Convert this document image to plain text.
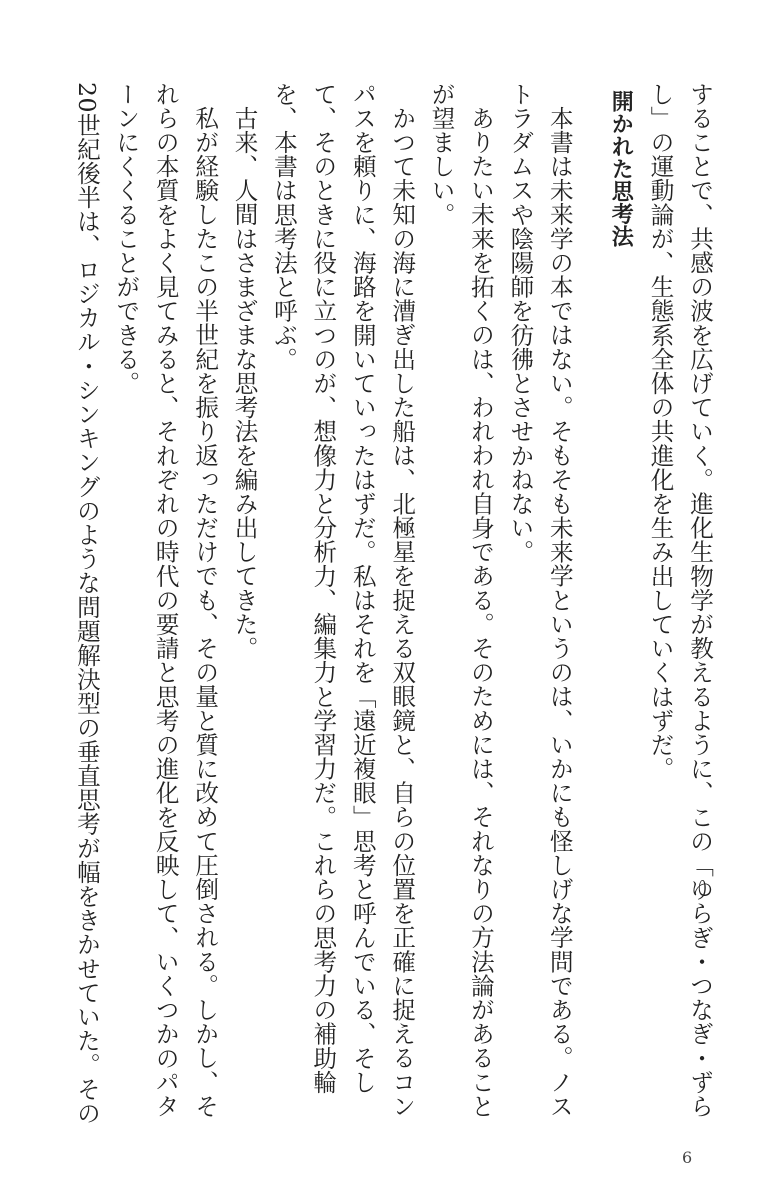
することで、共感の波を広げていく。進化生物学が教えるように、この「ゆらぎ・つなぎ・ずらし」の運動論が、生態系全体の共進化を生み出していくはずだ。

開かれた思考法

本書は未来学の本ではない。そもそも未来学というのは、いかにも怪しげな学問である。ノストラダムスや陰陽師を彷彿とさせかねない。

ありたい未来を拓くのは、われわれ自身である。そのためには、それなりの方法論があることが望ましい。

かつて未知の海に漕ぎ出した船は、北極星を捉える双眼鏡と、自らの位置を正確に捉えるコンパスを頼りに、海路を開いていったはずだ。私はそれを「遠近複眼」思考と呼んでいる、そして、そのときに役に立つのが、想像力と分析力、編集力と学習力だ。これらの思考力の補助輪を、本書は思考法と呼ぶ。

古来、人間はさまざまな思考法を編み出してきた。

私が経験したこの半世紀を振り返っただけでも、その量と質に改めて圧倒される。しかし、それらの本質をよく見てみると、それぞれの時代の要請と思考の進化を反映して、いくつかのパターンにくくることができる。

20世紀後半は、ロジカル・シンキングのような問題解決型の垂直思考が幅をきかせていた。その

6
